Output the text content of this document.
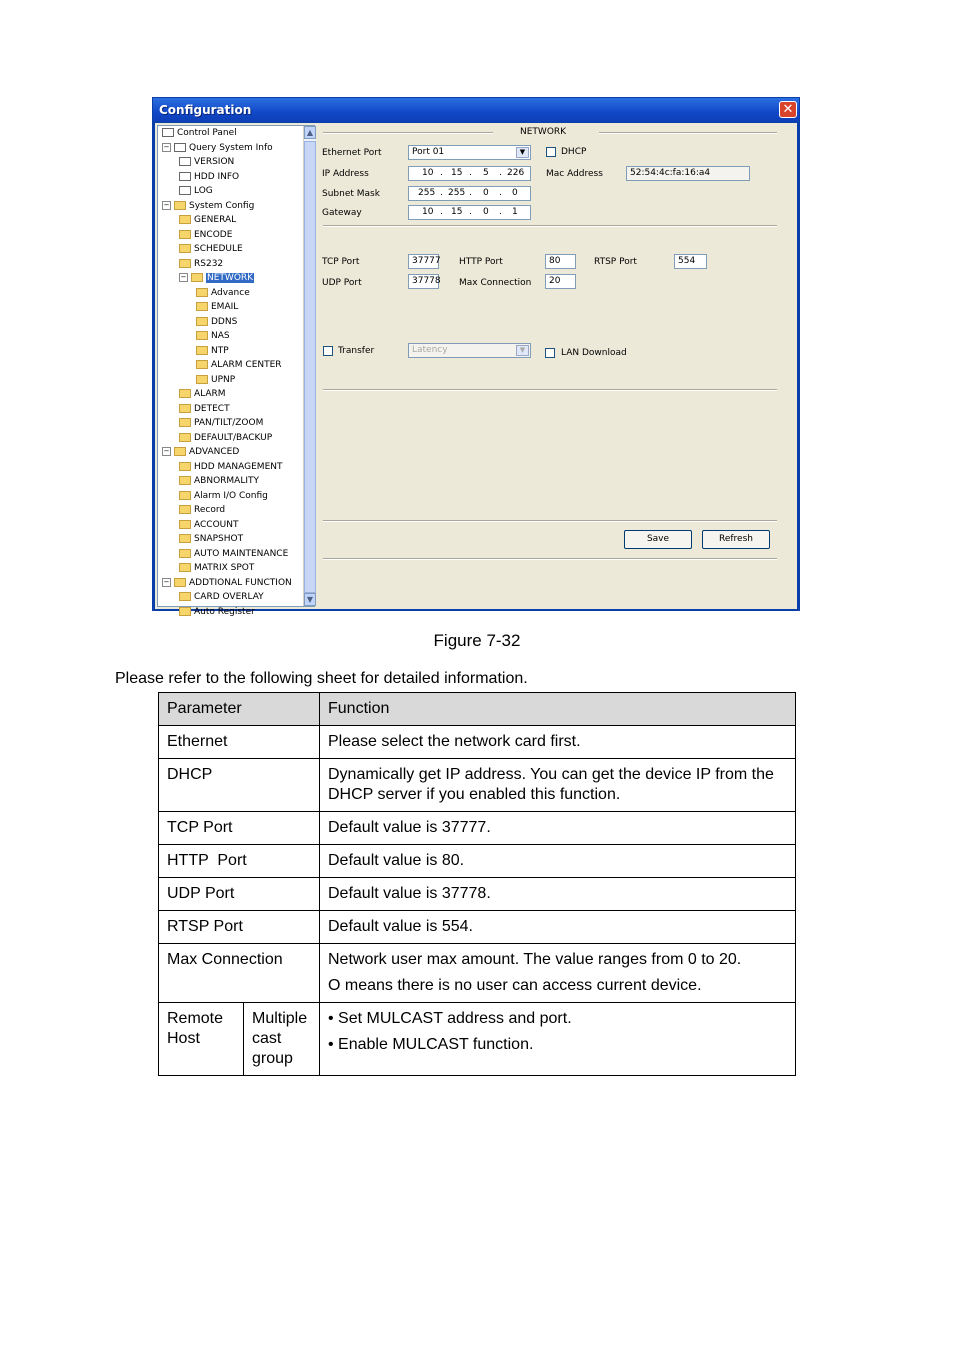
Configuration	✕
Auto Register
CARD OVERLAY
− ADDTIONAL FUNCTION
MATRIX SPOT
AUTO MAINTENANCE
SNAPSHOT
ACCOUNT
Record
Alarm I/O Config
ABNORMALITY
HDD MANAGEMENT
− ADVANCED
DEFAULT/BACKUP
PAN/TILT/ZOOM
DETECT
ALARM
UPNP
ALARM CENTER
NTP
NAS
DDNS
EMAIL
Advance
− NETWORK
RS232
SCHEDULE
ENCODE
GENERAL
− System Config
LOG
HDD INFO
VERSION
− Query System Info
Control Panel	▲
▼
NETWORK
Ethernet Port	Port 01	▼	DHCP
IP Address	10 . 15 . 5 . 226 Mac Address	52:54:4c:fa:16:a4
Subnet Mask	255 . 255 . 0 . 0
Gateway	10 . 15 . 0 . 1
TCP Port	37777 HTTP Port	80	RTSP Port	554
UDP Port	37778 Max Connection	20
Transfer	Latency	▼	LAN Download
Save	Refresh
Figure 7-32
Please refer to the following sheet for detailed information.
Parameter		Function
Ethernet		Please select the network card first.
DHCP		Dynamically get IP address. You can get the device IP from the DHCP server if you enabled this function.
TCP Port		Default value is 37777.
HTTP  Port		Default value is 80.
UDP Port		Default value is 37778.
RTSP Port		Default value is 554.
Max Connection		Network user max amount. The value ranges from 0 to 20.
O means there is no user can access current device.

Remote Host	Multiple cast group	• Set MULCAST address and port.
• Enable MULCAST function.
